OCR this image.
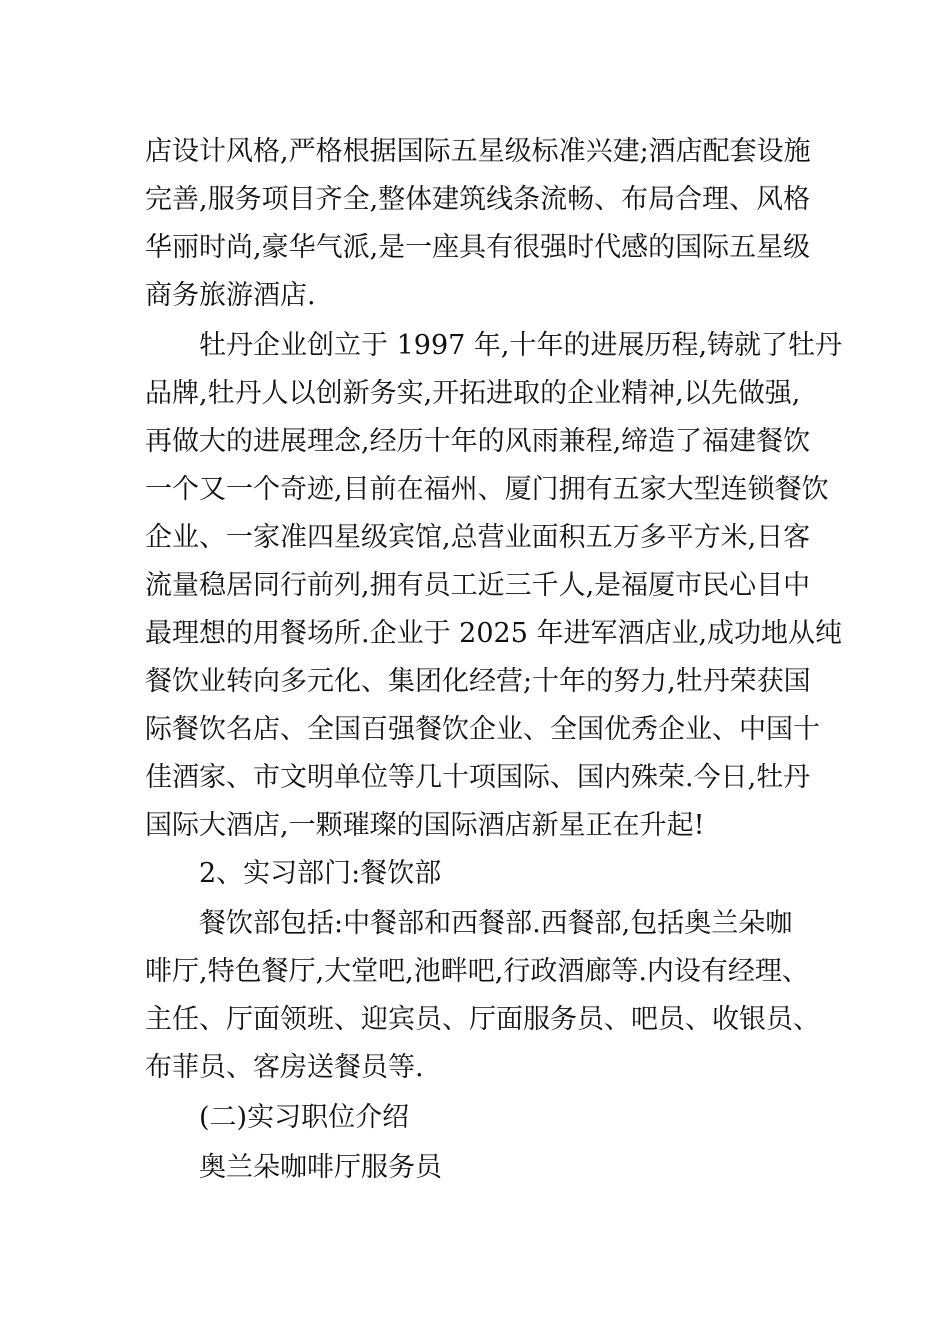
店设计风格,严格根据国际五星级标准兴建;酒店配套设施
完善,服务项目齐全,整体建筑线条流畅、布局合理、风格
华丽时尚,豪华气派,是一座具有很强时代感的国际五星级
商务旅游酒店.
牡丹企业创立于 1997 年,十年的进展历程,铸就了牡丹
品牌,牡丹人以创新务实,开拓进取的企业精神,以先做强,
再做大的进展理念,经历十年的风雨兼程,缔造了福建餐饮
一个又一个奇迹,目前在福州、厦门拥有五家大型连锁餐饮
企业、一家准四星级宾馆,总营业面积五万多平方米,日客
流量稳居同行前列,拥有员工近三千人,是福厦市民心目中
最理想的用餐场所.企业于 2025 年进军酒店业,成功地从纯
餐饮业转向多元化、集团化经营;十年的努力,牡丹荣获国
际餐饮名店、全国百强餐饮企业、全国优秀企业、中国十
佳酒家、市文明单位等几十项国际、国内殊荣.今日,牡丹
国际大酒店,一颗璀璨的国际酒店新星正在升起!
2、实习部门:餐饮部
餐饮部包括:中餐部和西餐部.西餐部,包括奥兰朵咖
啡厅,特色餐厅,大堂吧,池畔吧,行政酒廊等.内设有经理、
主任、厅面领班、迎宾员、厅面服务员、吧员、收银员、
布菲员、客房送餐员等.
(二)实习职位介绍
奥兰朵咖啡厅服务员
